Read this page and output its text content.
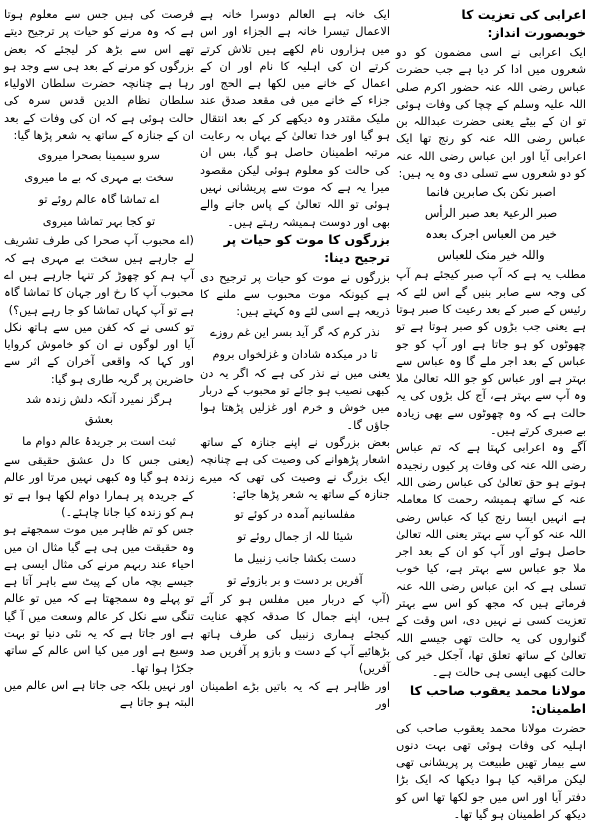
اعرابی کی تعزیت کا خوبصورت انداز:
ایک اعرابی نے اسی مضمون کو دو شعروں میں ادا کر دیا ہے جب حضرت عباس رضی اللہ عنہ حضور اکرم صلی اللہ علیہ وسلم کے چچا کی وفات ہوئی تو ان کے بیٹے یعنی حضرت عبداللہ بن عباس رضی اللہ عنہ کو رنج تھا ایک اعرابی آیا اور ابن عباس رضی اللہ عنہ کو دو شعروں سے تسلی دی وہ یہ ہیں:
اصبر نکن بک صابرین فانما
صبر الرعیۃ بعد صبر الرأس
خیر من العباس اجرک بعدہ
واللہ خیر منک للعباس
مطلب یہ ہے کہ آپ صبر کیجئے ہم آپ کی وجہ سے صابر بنیں گے اس لئے کہ رئیس کے صبر کے بعد رعیت کا صبر ہوتا ہے یعنی جب بڑوں کو صبر ہوتا ہے تو چھوٹوں کو ہو جاتا ہے اور آپ کو جو عباس کے بعد اجر ملے گا وہ عباس سے بہتر ہے اور عباس کو جو اللہ تعالیٰ ملا وہ آپ سے بہتر ہے، آج کل بڑوں کی یہ حالت ہے کہ وہ چھوٹوں سے بھی زیادہ بے صبری کرتے ہیں۔
آگے وہ اعرابی کہتا ہے کہ تم عباس رضی اللہ عنہ کی وفات پر کیوں رنجیدہ ہوتے ہو حق تعالیٰ کی عباس رضی اللہ عنہ کے ساتھ ہمیشہ رحمت کا معاملہ ہے انہیں ایسا رنج کیا کہ عباس رضی اللہ عنہ کو آپ سے بہتر یعنی اللہ تعالیٰ حاصل ہوئے اور آپ کو ان کے بعد اجر ملا جو عباس سے بہتر ہے، کیا خوب تسلی ہے کہ ابن عباس رضی اللہ عنہ فرماتے ہیں کہ مجھ کو اس سے بہتر تعزیت کسی نے نہیں دی، اس وقت کے گنواروں کی یہ حالت تھی جیسے اللہ تعالیٰ کے ساتھ تعلق تھا، آجکل خیر کی حالت کبھی ایسی ہی حالت ہے۔
مولانا محمد یعقوب صاحب کا اطمینان:
حضرت مولانا محمد یعقوب صاحب کی اہلیہ کی وفات ہوئی تھی بہت دنوں سے بیمار تھیں طبیعت پر پریشانی تھی لیکن مراقبہ کیا ہوا دیکھا کہ ایک بڑا دفتر آیا اور اس میں جو لکھا تھا اس کو دیکھ کر اطمینان ہو گیا تھا۔
ایک خانہ ہے العالم دوسرا خانہ ہے الاعمال تیسرا خانہ ہے الجزاء اور اس میں ہزاروں نام لکھے ہیں تلاش کرتے کرتے ان کی اہلیہ کا نام اور ان کے اعمال کے خانے میں لکھا ہے الحج اور جزاء کے خانے میں فی مقعد صدق عند ملیک مقتدر وہ دیکھے کر کے بعد انتقال ہو گیا اور خدا تعالیٰ کے یہاں بہ رعایت مرتبہ اطمینان حاصل ہو گیا، بس ان کی حالت کو معلوم ہوئی لیکن مقصود میرا یہ ہے کہ موت سے پریشانی نہیں ہوئی تو اللہ تعالیٰ کے پاس جانے والے بھی اور دوست ہمیشہ رہتے ہیں۔
بزرگوں کا موت کو حیات پر ترجیح دینا:
بزرگوں نے موت کو حیات پر ترجیح دی ہے کیونکہ موت محبوب سے ملنے کا ذریعہ ہے اسی لئے وہ کہتے ہیں:
نذر کرم کہ گر آید بسر این غم روزے
تا در میکدہ شادان و غزلخواں بروم
یعنی میں نے نذر کی ہے کہ اگر یہ دن کبھی نصیب ہو جائے تو محبوب کے دربار میں خوش و خرم اور غزلیں پڑھتا ہوا جاؤں گا۔
بعض بزرگوں نے اپنے جنازہ کے ساتھ اشعار پڑھوانے کی وصیت کی ہے چنانچہ ایک بزرگ نے وصیت کی تھی کہ میرے جنازہ کے ساتھ یہ شعر پڑھا جائے:
مفلسانیم آمدہ در کوئے تو
شیئا للہ از جمال روئے تو
دست بکشا جانب زنبیل ما
آفریں بر دست و بر بازوئے تو
(آپ کے دربار میں مفلس ہو کر آئے ہیں، اپنے جمال کا صدقہ کچھ عنایت کیجئے ہماری زنبیل کی طرف ہاتھ بڑھائیے آپ کے دست و بازو پر آفریں صد آفریں)
اور ظاہر ہے کہ یہ باتیں بڑے اطمینان اور
فرصت کی ہیں جس سے معلوم ہوتا ہے کہ وہ مرنے کو حیات پر ترجیح دیتے تھے اس سے بڑھ کر لیجئے کہ بعض بزرگوں کو مرنے کے بعد ہی سے وجد ہو رہا ہے چنانچہ حضرت سلطان الاولیاء سلطان نظام الدین قدس سرہ کی حالت ہوئی ہے کہ ان کی وفات کے بعد ان کے جنازہ کے ساتھ یہ شعر پڑھا گیا:
سرو سیمینا بصحرا میروی
سخت بے مہری کہ بے ما میروی
اے تماشا گاہ عالم روئے تو
تو کجا بہر تماشا میروی
(اے محبوب آپ صحرا کی طرف تشریف لے جارہے ہیں سخت بے مہری ہے کہ آپ ہم کو چھوڑ کر تنہا جارہے ہیں اے محبوب آپ کا رخ اور جہان کا تماشا گاہ ہے تو آپ کہاں تماشا کو جا رہے ہیں؟)
تو کسی نے کہ کفن میں سے ہاتھ نکل آیا اور لوگوں نے ان کو خاموش کروایا اور کہا کہ واقعی آخران کے اثر سے حاضرین پر گریہ طاری ہو گیا:
ہرگز نمیرد آنکہ دلش زندہ شد بعشق
ثبت است بر جریدۂ عالم دوام ما
(یعنی جس کا دل عشق حقیقی سے زندہ ہو گیا وہ کبھی نہیں مرتا اور عالم کے جریدہ پر ہمارا دوام لکھا ہوا ہے تو ہم کو زندہ کیا جانا چاہئے۔)
جس کو تم ظاہر میں موت سمجھتے ہو وہ حقیقت میں ہی ہے گیا مثال ان میں احیاء عند ربہم مرنے کی مثال ایسی ہے جیسے بچہ ماں کے پیٹ سے باہر آتا ہے تو پہلے وہ سمجھتا ہے کہ میں تو عالم تنگی سے نکل کر عالم وسعت میں آ گیا ہے اور جاتا ہے کہ یہ نئی دنیا تو بہت وسیع ہے اور میں کیا اس عالم کے ساتھ جکڑا ہوا تھا۔
اور نہیں بلکہ جی جاتا ہے اس عالم میں البتہ ہو جاتا ہے
